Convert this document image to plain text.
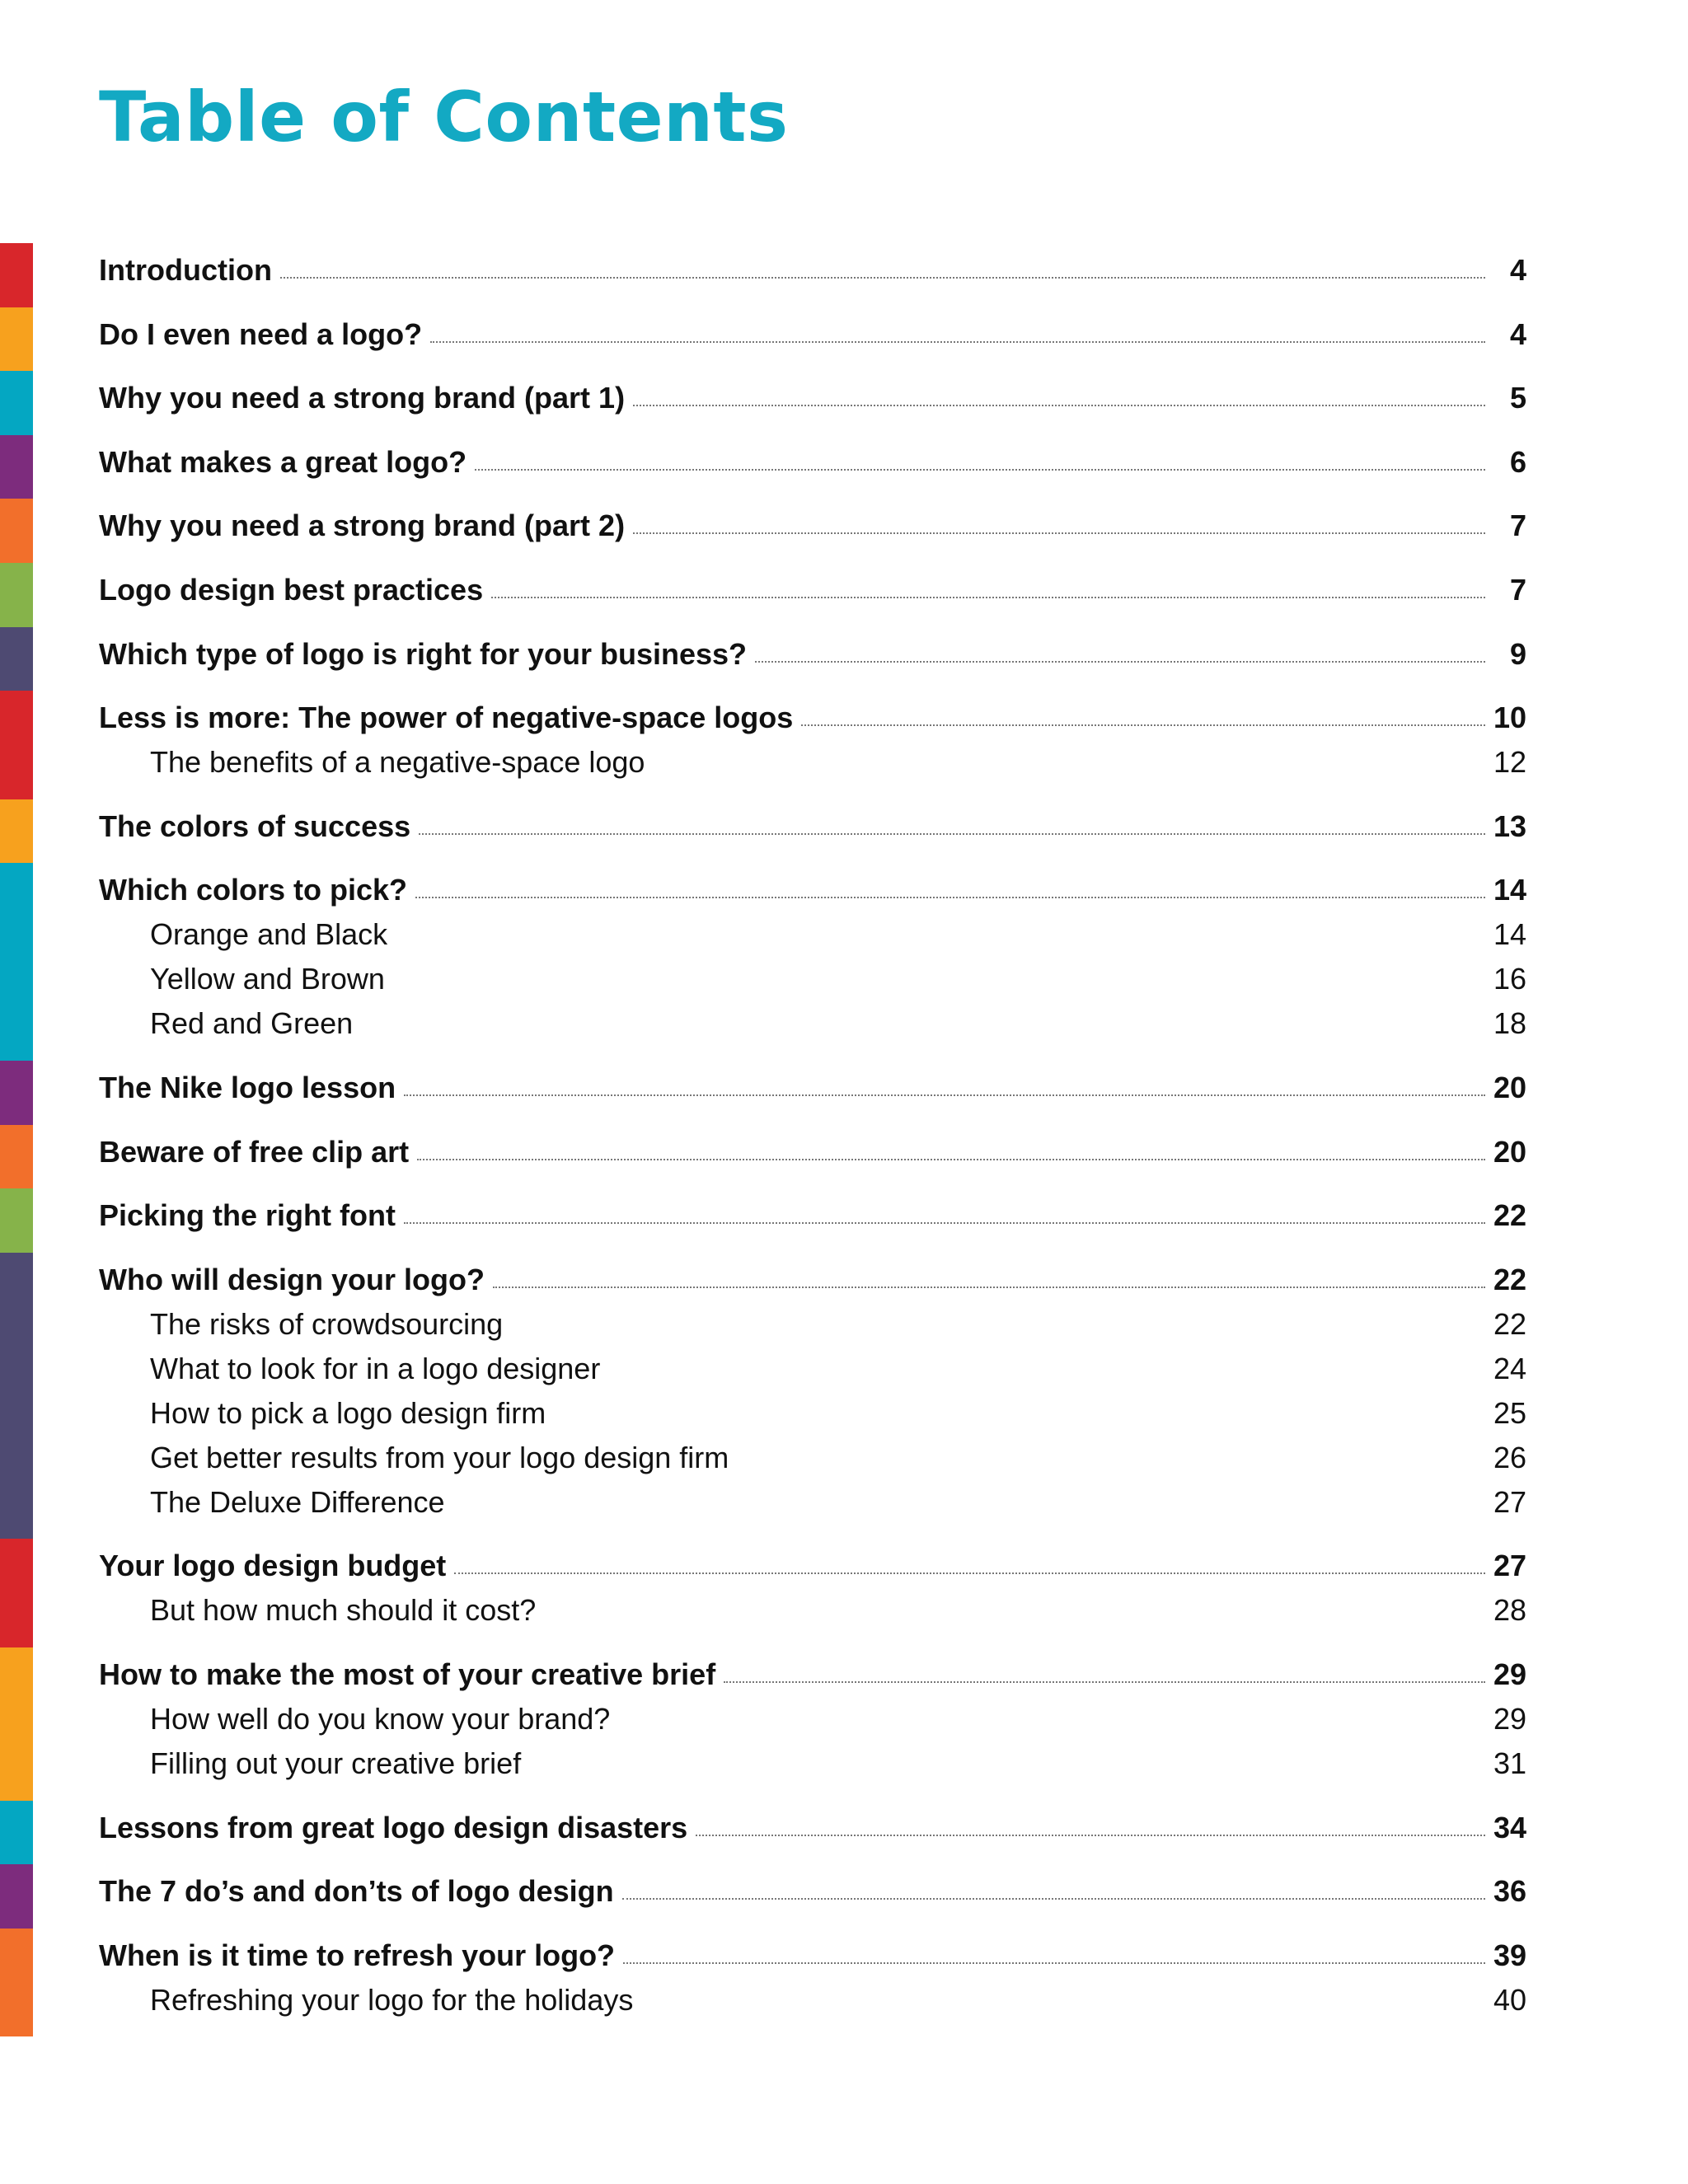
Table of Contents
Introduction	4
Do I even need a logo?	4
Why you need a strong brand (part 1)	5
What makes a great logo?	6
Why you need a strong brand (part 2)	7
Logo design best practices	7
Which type of logo is right for your business?	9
Less is more: The power of negative-space logos	10
The benefits of a negative-space logo	12
The colors of success	13
Which colors to pick?	14
Orange and Black	14
Yellow and Brown	16
Red and Green	18
The Nike logo lesson	20
Beware of free clip art	20
Picking the right font	22
Who will design your logo?	22
The risks of crowdsourcing	22
What to look for in a logo designer	24
How to pick a logo design firm	25
Get better results from your logo design firm	26
The Deluxe Difference	27
Your logo design budget	27
But how much should it cost?	28
How to make the most of your creative brief	29
How well do you know your brand?	29
Filling out your creative brief	31
Lessons from great logo design disasters	34
The 7 do’s and don’ts of logo design	36
When is it time to refresh your logo?	39
Refreshing your logo for the holidays	40
